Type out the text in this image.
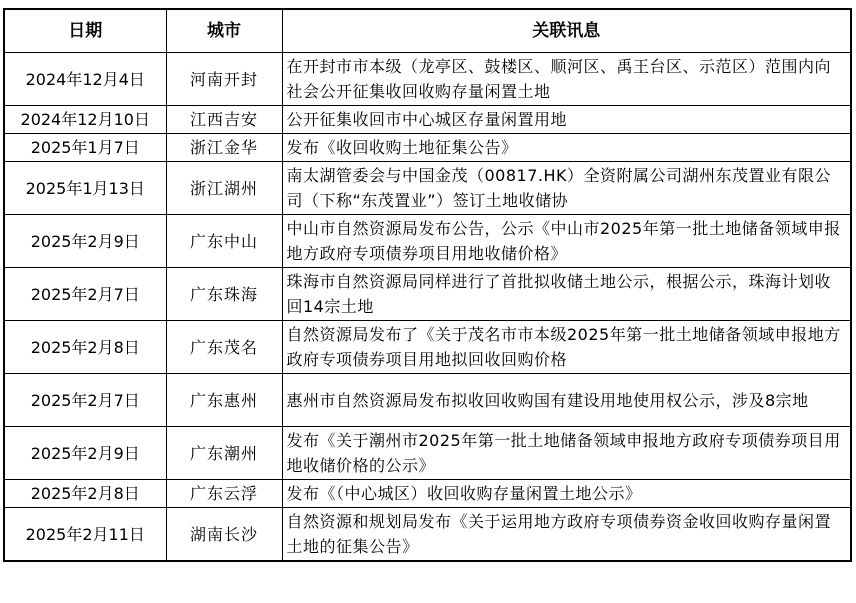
日期	城市	关联讯息
2024年12月4日	河南开封	在开封市市本级（龙亭区、鼓楼区、顺河区、禹王台区、示范区）范围内向社会公开征集收回收购存量闲置土地
2024年12月10日	江西吉安	公开征集收回市中心城区存量闲置用地
2025年1月7日	浙江金华	发布《收回收购土地征集公告》
2025年1月13日	浙江湖州	南太湖管委会与中国金茂（00817.HK）全资附属公司湖州东茂置业有限公司（下称“东茂置业”）签订土地收储协
2025年2月9日	广东中山	中山市自然资源局发布公告，公示《中山市2025年第一批土地储备领域申报地方政府专项债券项目用地收储价格》
2025年2月7日	广东珠海	珠海市自然资源局同样进行了首批拟收储土地公示，根据公示，珠海计划收回14宗土地
2025年2月8日	广东茂名	自然资源局发布了《关于茂名市市本级2025年第一批土地储备领域申报地方政府专项债券项目用地拟回收回购价格
2025年2月7日	广东惠州	惠州市自然资源局发布拟收回收购国有建设用地使用权公示，涉及8宗地
2025年2月9日	广东潮州	发布《关于潮州市2025年第一批土地储备领域申报地方政府专项债券项目用地收储价格的公示》
2025年2月8日	广东云浮	发布《（中心城区）收回收购存量闲置土地公示》
2025年2月11日	湖南长沙	自然资源和规划局发布《关于运用地方政府专项债券资金收回收购存量闲置土地的征集公告》
